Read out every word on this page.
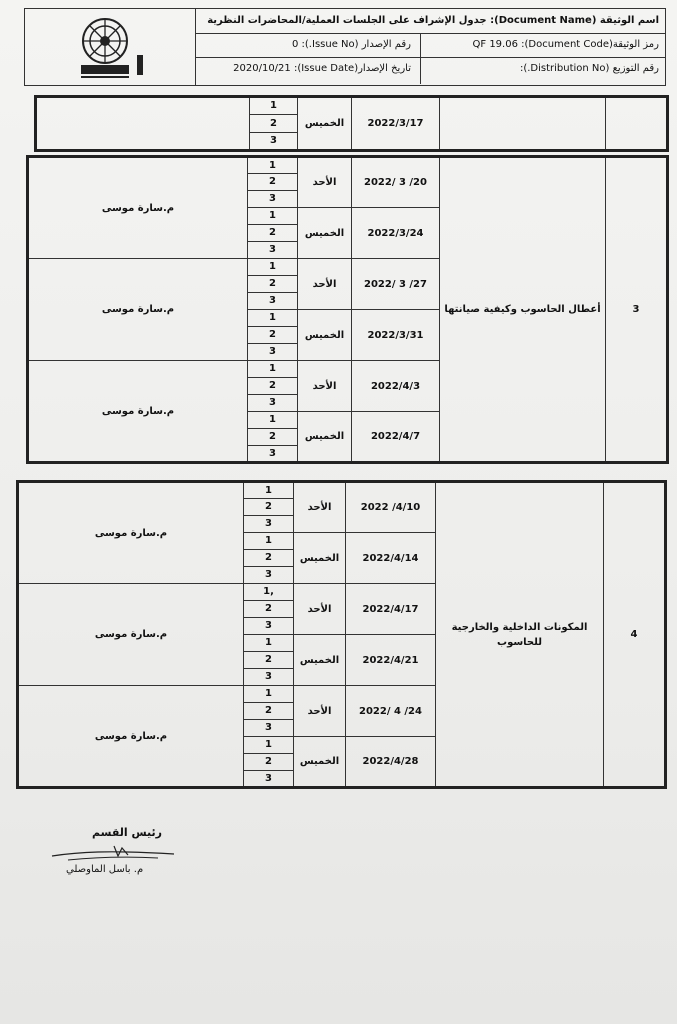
اسم الوثيقة (Document Name): جدول الإشراف على الجلسات العملية/المحاضرات النظرية
رمز الوثيقة(Document Code): QF 19.06
رقم الإصدار (Issue No.): 0
رقم التوزيع (Distribution No.):
تاريخ الإصدار(Issue Date): 2020/10/21
	1	الخميس	2022/3/17		
2
3
م.سارة موسى	1	الأحد	2022/ 3 /20	أعطال الحاسوب وكيفية صيانتها	3
	2				
	3				
	1	الخميس	2022/3/24		
	2				
	3				
م.سارة موسى	1	الأحد	2022/ 3 /27		
	2				
	3				
	1	الخميس	2022/3/31		
	2				
	3				
م.سارة موسى	1	الأحد	2022/4/3		
	2				
	3				
	1	الخميس	2022/4/7		
	2				
	3				
م.سارة موسى	1	الأحد	2022 /4/10	المكونات الداخلية والخارجية للحاسوب	4
	2				
	3				
	1	الخميس	2022/4/14		
	2				
	3				
م.سارة موسى	1,	الأحد	2022/4/17		
	2				
	3				
	1	الخميس	2022/4/21		
	2				
	3				
م.سارة موسى	1	الأحد	2022/ 4 /24		
	2				
	3				
	1	الخميس	2022/4/28		
	2				
	3				
رئيس القسم
م. باسل الماوصلي
